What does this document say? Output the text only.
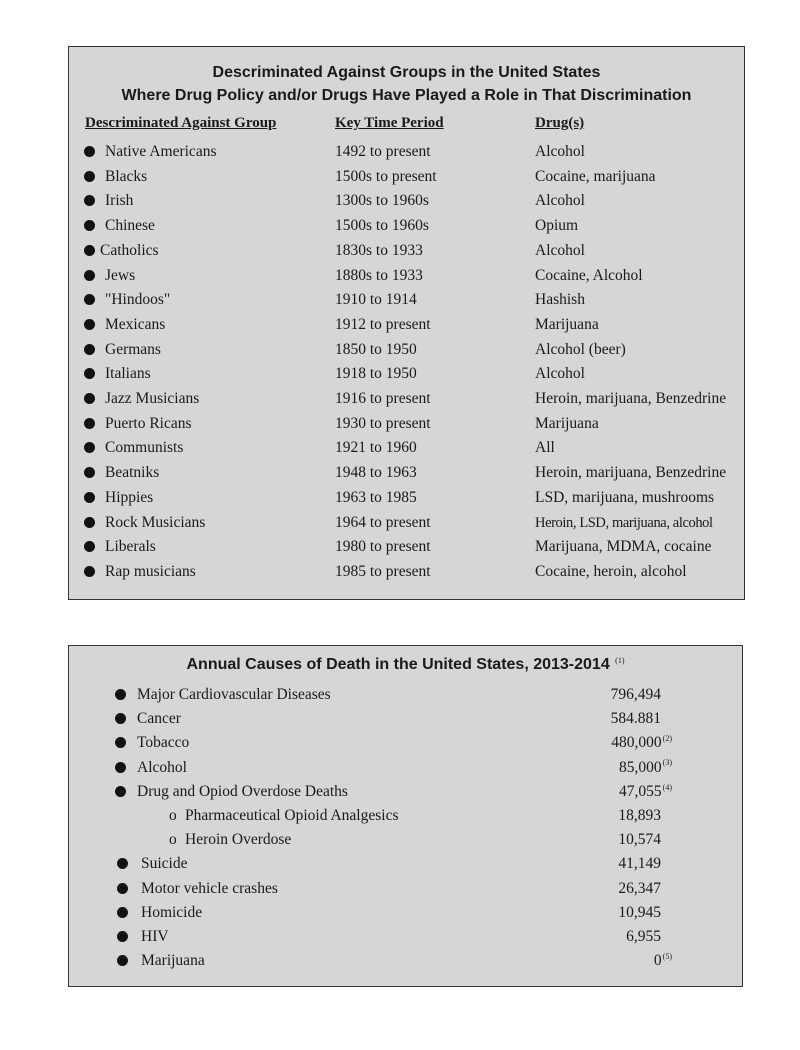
Descriminated Against Groups in the United States
Where Drug Policy and/or Drugs Have Played a Role in That Discrimination
Descriminated Against Group	Key Time Period	Drug(s)
Native Americans	1492 to present	Alcohol
Blacks	1500s to present	Cocaine, marijuana
Irish	1300s to 1960s	Alcohol
Chinese	1500s to 1960s	Opium
Catholics	1830s to 1933	Alcohol
Jews	1880s to 1933	Cocaine, Alcohol
"Hindoos"	1910 to 1914	Hashish
Mexicans	1912 to present	Marijuana
Germans	1850 to 1950	Alcohol (beer)
Italians	1918 to 1950	Alcohol
Jazz Musicians	1916 to present	Heroin, marijuana, Benzedrine
Puerto Ricans	1930 to present	Marijuana
Communists	1921 to 1960	All
Beatniks	1948 to 1963	Heroin, marijuana, Benzedrine
Hippies	1963 to 1985	LSD, marijuana, mushrooms
Rock Musicians	1964 to present	Heroin, LSD, marijuana, alcohol
Liberals	1980 to present	Marijuana, MDMA, cocaine
Rap musicians	1985 to present	Cocaine, heroin, alcohol
Annual Causes of Death in the United States, 2013-2014 $^{(1)}$
Major Cardiovascular Diseases	796,494
Cancer	584.881
Tobacco	480,000$^{(2)}$
Alcohol	85,000$^{(3)}$
Drug and Opiod Overdose Deaths	47,055$^{(4)}$
o Pharmaceutical Opioid Analgesics	18,893
o Heroin Overdose	10,574
Suicide	41,149
Motor vehicle crashes	26,347
Homicide	10,945
HIV	6,955
Marijuana	0$^{(5)}$
